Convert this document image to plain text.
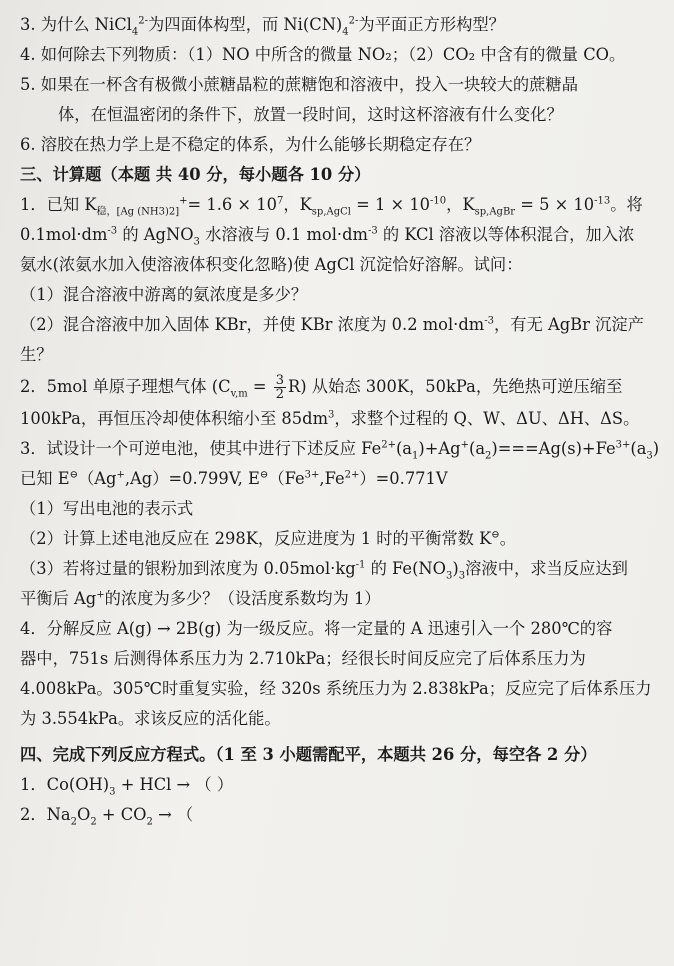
3. 为什么 NiCl$_4^{2-}$为四面体构型，而 $Ni(CN)_4^{2-}$为平面正方形构型？
4. 如何除去下列物质：（1）NO 中所含的微量 NO₂；（2）CO₂ 中含有的微量 CO。
5. 如果在一杯含有极微小蔗糖晶粒的蔗糖饱和溶液中，投入一块较大的蔗糖晶
体，在恒温密闭的条件下，放置一段时间，这时这杯溶液有什么变化？
6. 溶胶在热力学上是不稳定的体系，为什么能够长期稳定存在？
三、计算题（本题 共 40 分，每小题各 10 分）
1．已知 $K_{稳,[Ag (NH3)2]}^+= 1.6 \times 10^7$，$K_{sp,AgCl} = 1 \times 10^{-10}$，$K_{sp,AgBr} = 5 \times 10^{-13}$。将
$0.1mol\cdot dm^{-3}$ 的 AgNO$_3$ 水溶液与 0.1 $mol\cdot dm^{-3}$ 的 KCl 溶液以等体积混合，加入浓
氨水(浓氨水加入使溶液体积变化忽略)使 AgCl 沉淀恰好溶解。试问：
（1）混合溶液中游离的氨浓度是多少？
（2）混合溶液中加入固体 KBr，并使 KBr 浓度为 0.2 $mol\cdot dm^{-3}$，有无 AgBr 沉淀产
生？
2．5mol 单原子理想气体 $(C_{v,m} = \frac{3}{2} R)$ 从始态 300K，50kPa，先绝热可逆压缩至
100kPa，再恒压冷却使体积缩小至 $85dm^3$，求整个过程的 Q、W、ΔU、ΔH、ΔS。
3．试设计一个可逆电池，使其中进行下述反应 $Fe^{2+}(a_1)+Ag^+(a_2)===Ag(s)+Fe^{3+}(a_3)$
已知 E⊖（Ag+,Ag）=0.799V, $E^⊖(Fe^{3+},Fe^{2+})=0.771V$
（1）写出电池的表示式
（2）计算上述电池反应在 298K，反应进度为 1 时的平衡常数 K⊖。
（3）若将过量的银粉加到浓度为 $0.05mol\cdot kg^{-1}$ 的 $Fe(NO_3)_3$溶液中，求当反应达到
平衡后 Ag+的浓度为多少？（设活度系数均为 1）
4．分解反应 A(g) → 2B(g) 为一级反应。将一定量的 A 迅速引入一个 280℃的容
器中，751s 后测得体系压力为 2.710kPa；经很长时间反应完了后体系压力为
4.008kPa。305℃时重复实验，经 320s 系统压力为 2.838kPa；反应完了后体系压力
为 3.554kPa。求该反应的活化能。
四、完成下列反应方程式。（1 至 3 小题需配平，本题共 26 分，每空各 2 分）
1．$Co(OH)_3$ + HCl → （ ）
2．$Na_2O_2 + CO_2$ → （
